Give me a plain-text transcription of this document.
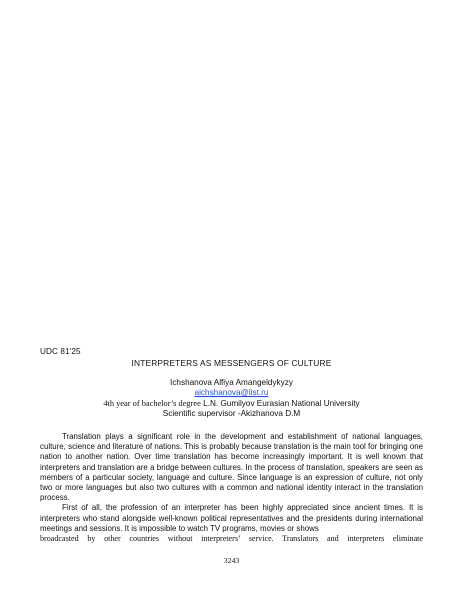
UDC 81'25
INTERPRETERS AS MESSENGERS OF CULTURE
Ichshanova Alfiya Amangeldykyzy
aichshanova@list.ru
4th year of bachelor’s degree L.N. Gumilyov Eurasian National University
Scientific supervisor -Akizhanova D.M

Translation plays a significant role in the development and establishment of national languages, culture, science and literature of nations. This is probably because translation is the main tool for bringing one nation to another nation. Over time translation has become increasingly important. It is well known that interpreters and translation are a bridge between cultures. In the process of translation, speakers are seen as members of a particular society, language and culture. Since language is an expression of culture, not only two or more languages but also two cultures with a common and national identity interact in the translation process.

First of all, the profession of an interpreter has been highly appreciated since ancient times. It is interpreters who stand alongside well-known political representatives and the presidents during international meetings and sessions. It is impossible to watch TV programs, movies or shows
broadcasted by other countries without interpreters’ service. Translators and interpreters eliminate

3243
